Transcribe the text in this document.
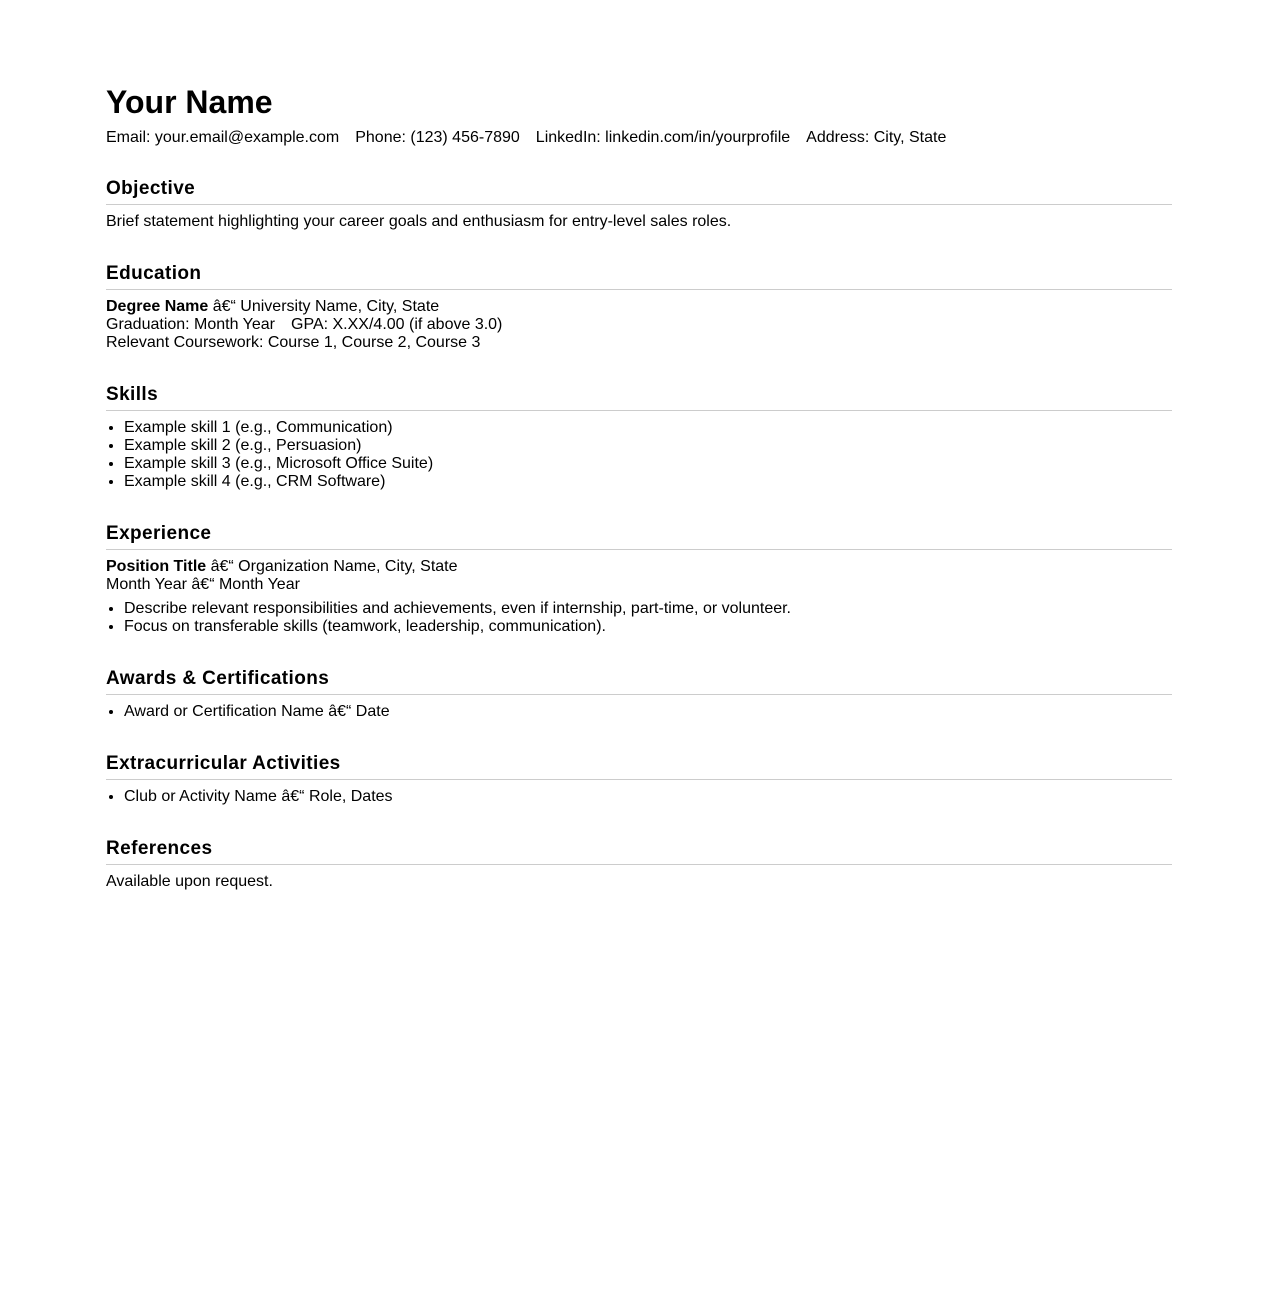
Your Name
Email: your.email@example.com Phone: (123) 456-7890 LinkedIn: linkedin.com/in/yourprofile Address: City, State
Objective

Brief statement highlighting your career goals and enthusiasm for entry-level sales roles.

Education

Degree Name â€“ University Name, City, State

Graduation: Month Year GPA: X.XX/4.00 (if above 3.0)

Relevant Coursework: Course 1, Course 2, Course 3

Skills
• Example skill 1 (e.g., Communication)
• Example skill 2 (e.g., Persuasion)
• Example skill 3 (e.g., Microsoft Office Suite)
• Example skill 4 (e.g., CRM Software)
Experience

Position Title â€“ Organization Name, City, State

Month Year â€“ Month Year

• Describe relevant responsibilities and achievements, even if internship, part-time, or volunteer.
• Focus on transferable skills (teamwork, leadership, communication).
Awards & Certifications
• Award or Certification Name â€“ Date
Extracurricular Activities
• Club or Activity Name â€“ Role, Dates
References

Available upon request.
